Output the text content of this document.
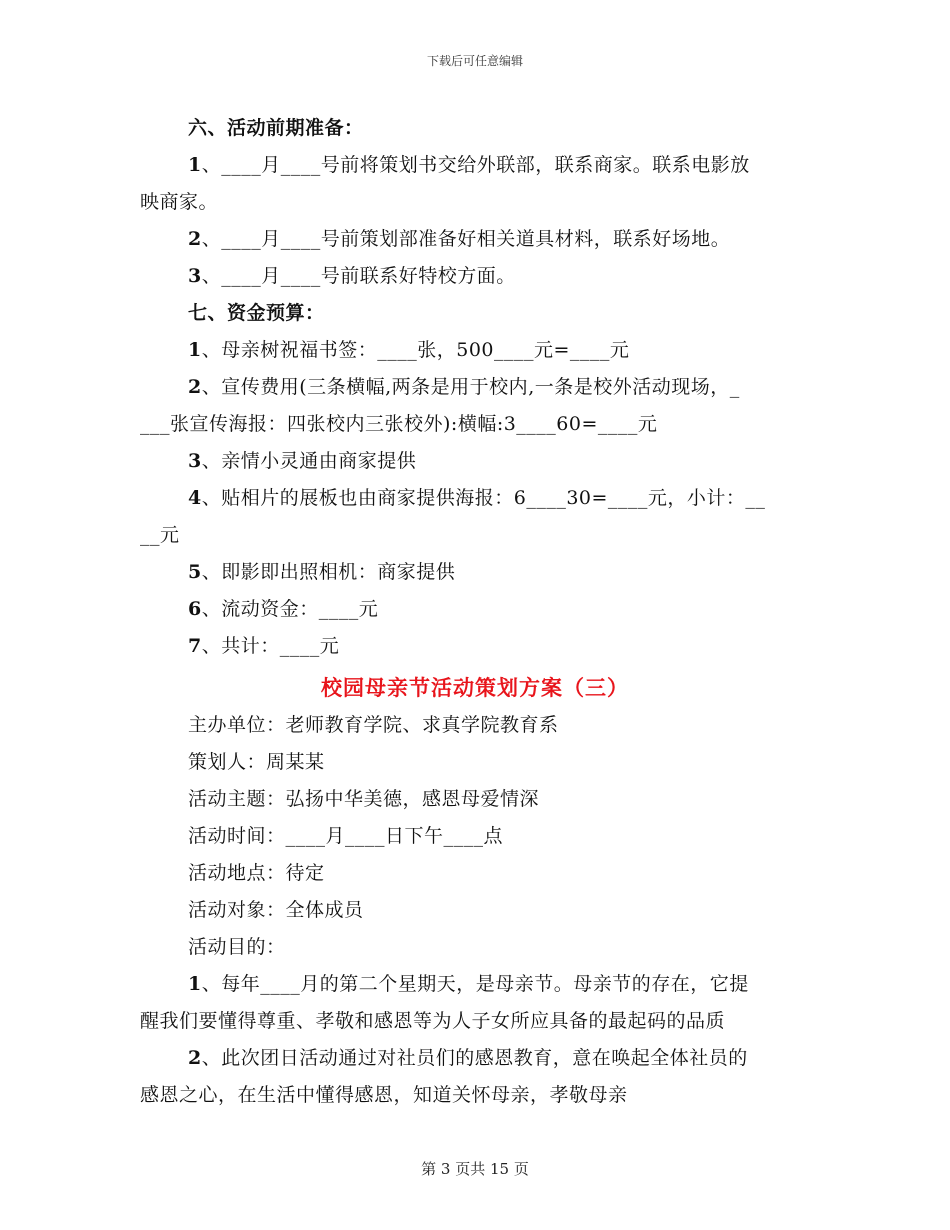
下载后可任意编辑
六、活动前期准备：
1、____月____号前将策划书交给外联部，联系商家。联系电影放
映商家。
2、____月____号前策划部准备好相关道具材料，联系好场地。
3、____月____号前联系好特校方面。
七、资金预算：
1、母亲树祝福书签：____张，500____元=____元
2、宣传费用(三条横幅,两条是用于校内,一条是校外活动现场，_
___张宣传海报：四张校内三张校外):横幅:3____60=____元
3、亲情小灵通由商家提供
4、贴相片的展板也由商家提供海报：6____30=____元，小计：__
__元
5、即影即出照相机：商家提供
6、流动资金：____元
7、共计：____元
校园母亲节活动策划方案（三）
主办单位：老师教育学院、求真学院教育系
策划人：周某某
活动主题：弘扬中华美德，感恩母爱情深
活动时间：____月____日下午____点
活动地点：待定
活动对象：全体成员
活动目的：
1、每年____月的第二个星期天，是母亲节。母亲节的存在，它提
醒我们要懂得尊重、孝敬和感恩等为人子女所应具备的最起码的品质
2、此次团日活动通过对社员们的感恩教育，意在唤起全体社员的
感恩之心，在生活中懂得感恩，知道关怀母亲，孝敬母亲
第 3 页共 15 页
